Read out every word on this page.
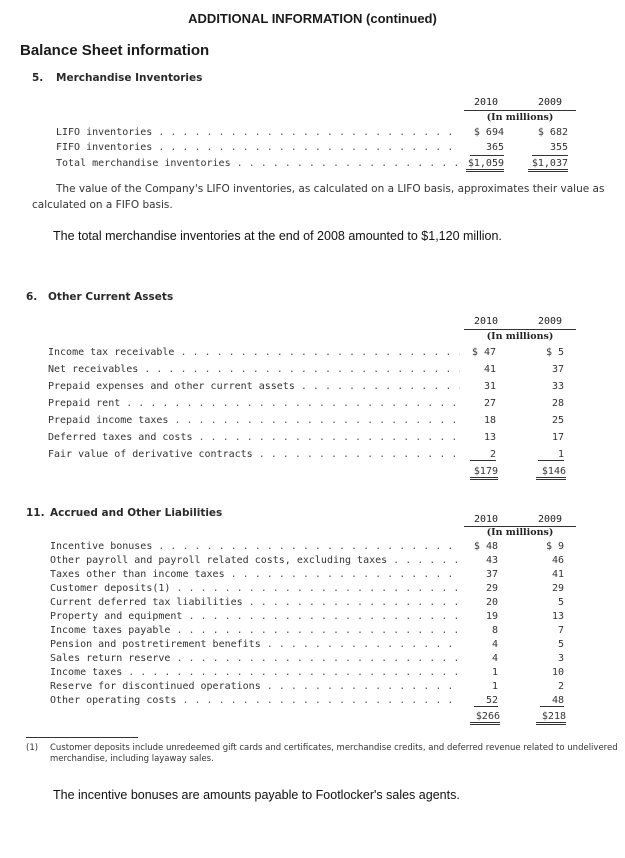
ADDITIONAL INFORMATION (continued)
Balance Sheet information
5. Merchandise Inventories
2010	2009
(In millions)
LIFO inventories . . .	$ 694	$ 682
FIFO inventories . . .	365	355
Total merchandise inventories . . .	$1,059	$1,037
The value of the Company's LIFO inventories, as calculated on a LIFO basis, approximates their value as
calculated on a FIFO basis.
The total merchandise inventories at the end of 2008 amounted to $1,120 million.
6. Other Current Assets
2010	2009
(In millions)
Income tax receivable . . .	$ 47	$ 5
Net receivables . . .	41	37
Prepaid expenses and other current assets . . .	31	33
Prepaid rent . . .	27	28
Prepaid income taxes . . .	18	25
Deferred taxes and costs . . .	13	17
Fair value of derivative contracts . . .	2	1
$179	$146
11. Accrued and Other Liabilities
2010	2009
(In millions)
Incentive bonuses . . .	$ 48	$ 9
Other payroll and payroll related costs, excluding taxes . . .	43	46
Taxes other than income taxes . . .	37	41
Customer deposits(1) . . .	29	29
Current deferred tax liabilities . . .	20	5
Property and equipment . . .	19	13
Income taxes payable . . .	8	7
Pension and postretirement benefits . . .	4	5
Sales return reserve . . .	4	3
Income taxes . . .	1	10
Reserve for discontinued operations . . .	1	2
Other operating costs . . .	52	48
$266	$218
(1) Customer deposits include unredeemed gift cards and certificates, merchandise credits, and deferred revenue related to undelivered
merchandise, including layaway sales.
The incentive bonuses are amounts payable to Footlocker's sales agents.
